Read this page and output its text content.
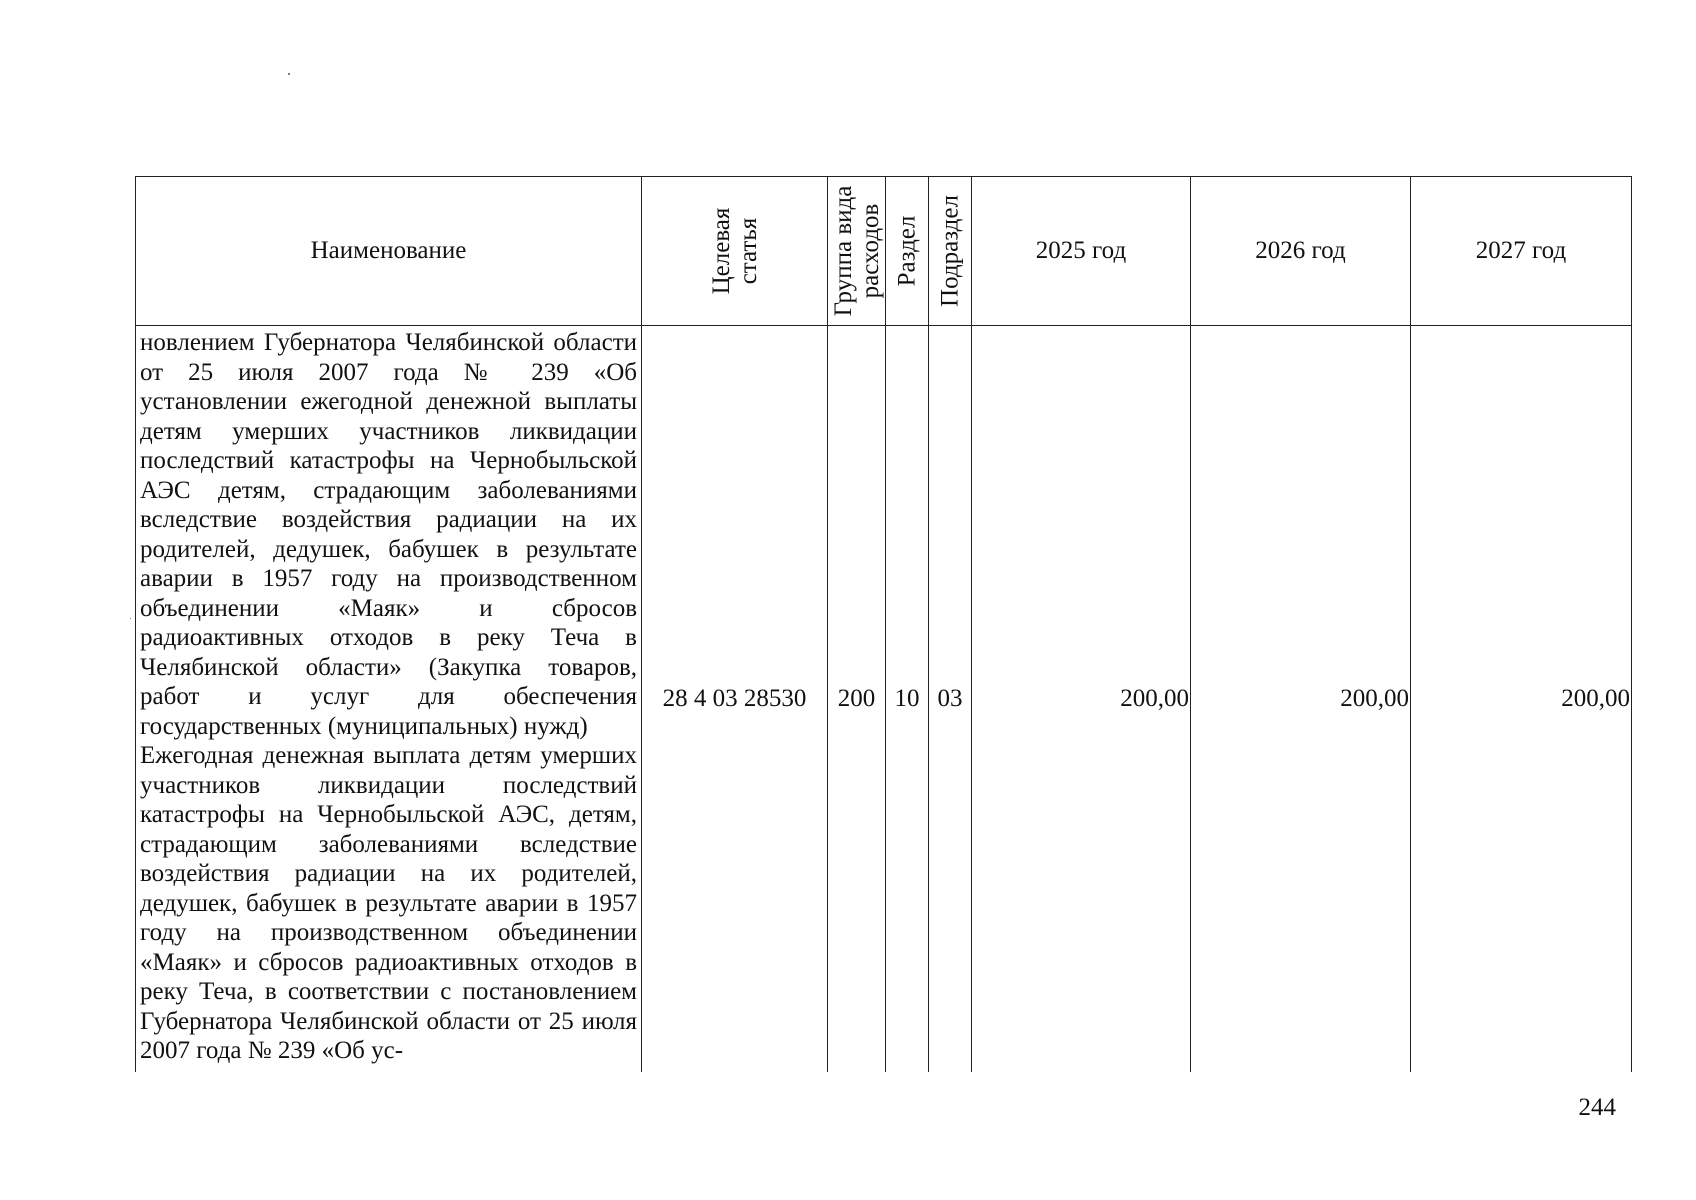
Наименование	Целевая статья	Группа вида расходов	Раздел	Подраздел	2025 год	2026 год	2027 год

новлением Губернатора Челябинской области от 25 июля 2007 года № 239 «Об установлении ежегодной денежной выплаты детям умерших участников ликвидации последствий катастрофы на Чернобыльской АЭС детям, страдающим заболеваниями вследствие воздействия радиации на их родителей, дедушек, бабушек в результате аварии в 1957 году на производственном объединении «Маяк» и сбросов радиоактивных отходов в реку Теча в Челябинской области» (Закупка товаров, работ и услуг для обеспечения государственных (муниципальных) нужд)
Ежегодная денежная выплата детям умерших участников ликвидации последствий катастрофы на Чернобыльской АЭС, детям, страдающим заболеваниями вследствие воздействия радиации на их родителей, дедушек, бабушек в результате аварии в 1957 году на производственном объединении «Маяк» и сбросов радиоактивных отходов в реку Теча, в соответствии с постановлением Губернатора Челябинской области от 25 июля 2007 года № 239 «Об ус-	28 4 03 28530	200	10	03	200,00	200,00	200,00
244
